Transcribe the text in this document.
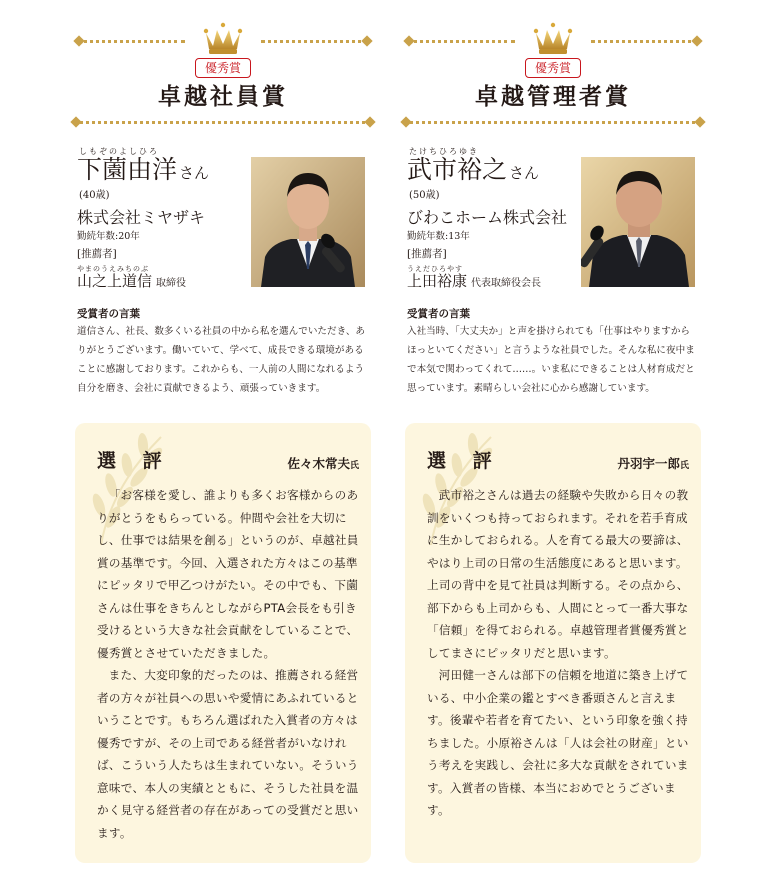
優秀賞
卓越社員賞
しもぞのよしひろ
下薗由洋 さん
(40歳)
株式会社ミヤザキ
勤続年数:20年
[推薦者]
やまのうえみちのぶ
山之上道信 取締役
受賞者の言葉
道信さん、社長、数多くいる社員の中から私を選んでいただき、ありがとうございます。働いていて、学べて、成長できる環境があることに感謝しております。これからも、一人前の人間になれるよう自分を磨き、会社に貢献できるよう、頑張っていきます。
選 評	佐々木常夫氏

「お客様を愛し、誰よりも多くお客様からのありがとうをもらっている。仲間や会社を大切にし、仕事では結果を創る」というのが、卓越社員賞の基準です。今回、入選された方々はこの基準にピッタリで甲乙つけがたい。その中でも、下薗さんは仕事をきちんとしながらPTA会長をも引き受けるという大きな社会貢献をしていることで、優秀賞とさせていただきました。

また、大変印象的だったのは、推薦される経営者の方々が社員への思いや愛情にあふれているということです。もちろん選ばれた入賞者の方々は優秀ですが、その上司である経営者がいなければ、こういう人たちは生まれていない。そういう意味で、本人の実績とともに、そうした社員を温かく見守る経営者の存在があっての受賞だと思います。

優秀賞
卓越管理者賞
たけちひろゆき
武市裕之 さん
(50歳)
びわこホーム株式会社
勤続年数:13年
[推薦者]
うえだひろやす
上田裕康 代表取締役会長
受賞者の言葉
入社当時、「大丈夫か」と声を掛けられても「仕事はやりますからほっといてください」と言うような社員でした。そんな私に夜中まで本気で関わってくれて……。いま私にできることは人材育成だと思っています。素晴らしい会社に心から感謝しています。
選 評	丹羽宇一郎氏

武市裕之さんは過去の経験や失敗から日々の教訓をいくつも持っておられます。それを若手育成に生かしておられる。人を育てる最大の要諦は、やはり上司の日常の生活態度にあると思います。上司の背中を見て社員は判断する。その点から、部下からも上司からも、人間にとって一番大事な「信頼」を得ておられる。卓越管理者賞優秀賞としてまさにピッタリだと思います。

河田健一さんは部下の信頼を地道に築き上げている、中小企業の鑑とすべき番頭さんと言えます。後輩や若者を育てたい、という印象を強く持ちました。小原裕さんは「人は会社の財産」という考えを実践し、会社に多大な貢献をされています。入賞者の皆様、本当におめでとうございます。
